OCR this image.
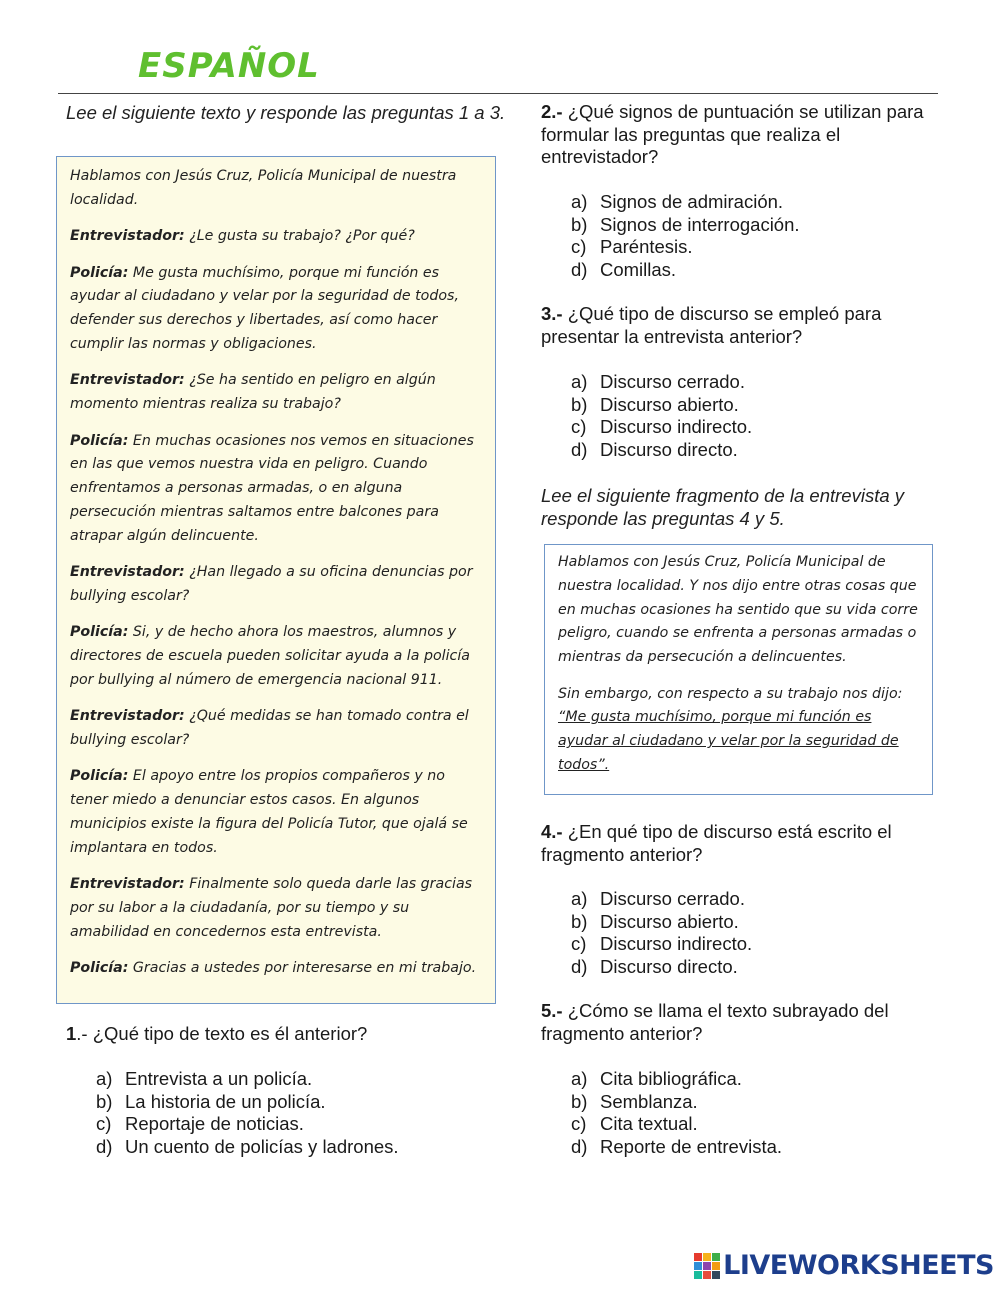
ESPAÑOL
Lee el siguiente texto y responde las preguntas 1 a 3.

Hablamos con Jesús Cruz, Policía Municipal de nuestra localidad.

Entrevistador: ¿Le gusta su trabajo? ¿Por qué?

Policía: Me gusta muchísimo, porque mi función es ayudar al ciudadano y velar por la seguridad de todos, defender sus derechos y libertades, así como hacer cumplir las normas y obligaciones.

Entrevistador: ¿Se ha sentido en peligro en algún momento mientras realiza su trabajo?

Policía: En muchas ocasiones nos vemos en situaciones en las que vemos nuestra vida en peligro. Cuando enfrentamos a personas armadas, o en alguna persecución mientras saltamos entre balcones para atrapar algún delincuente.

Entrevistador: ¿Han llegado a su oficina denuncias por bullying escolar?

Policía: Si, y de hecho ahora los maestros, alumnos y directores de escuela pueden solicitar ayuda a la policía por bullying al número de emergencia nacional 911.

Entrevistador: ¿Qué medidas se han tomado contra el bullying escolar?

Policía: El apoyo entre los propios compañeros y no tener miedo a denunciar estos casos. En algunos municipios existe la figura del Policía Tutor, que ojalá se implantara en todos.

Entrevistador: Finalmente solo queda darle las gracias por su labor a la ciudadanía, por su tiempo y su amabilidad en concedernos esta entrevista.

Policía: Gracias a ustedes por interesarse en mi trabajo.

1.- ¿Qué tipo de texto es él anterior?
a) Entrevista a un policía.
b) La historia de un policía.
c) Reportaje de noticias.
d) Un cuento de policías y ladrones.
2.- ¿Qué signos de puntuación se utilizan para formular las preguntas que realiza el entrevistador?
a) Signos de admiración.
b) Signos de interrogación.
c) Paréntesis.
d) Comillas.
3.- ¿Qué tipo de discurso se empleó para presentar la entrevista anterior?
a) Discurso cerrado.
b) Discurso abierto.
c) Discurso indirecto.
d) Discurso directo.
Lee el siguiente fragmento de la entrevista y responde las preguntas 4 y 5.

Hablamos con Jesús Cruz, Policía Municipal de nuestra localidad. Y nos dijo entre otras cosas que en muchas ocasiones ha sentido que su vida corre peligro, cuando se enfrenta a personas armadas o mientras da persecución a delincuentes.

Sin embargo, con respecto a su trabajo nos dijo: “Me gusta muchísimo, porque mi función es ayudar al ciudadano y velar por la seguridad de todos”.

4.- ¿En qué tipo de discurso está escrito el fragmento anterior?
a) Discurso cerrado.
b) Discurso abierto.
c) Discurso indirecto.
d) Discurso directo.
5.- ¿Cómo se llama el texto subrayado del fragmento anterior?
a) Cita bibliográfica.
b) Semblanza.
c) Cita textual.
d) Reporte de entrevista.
LIVEWORKSHEETS
